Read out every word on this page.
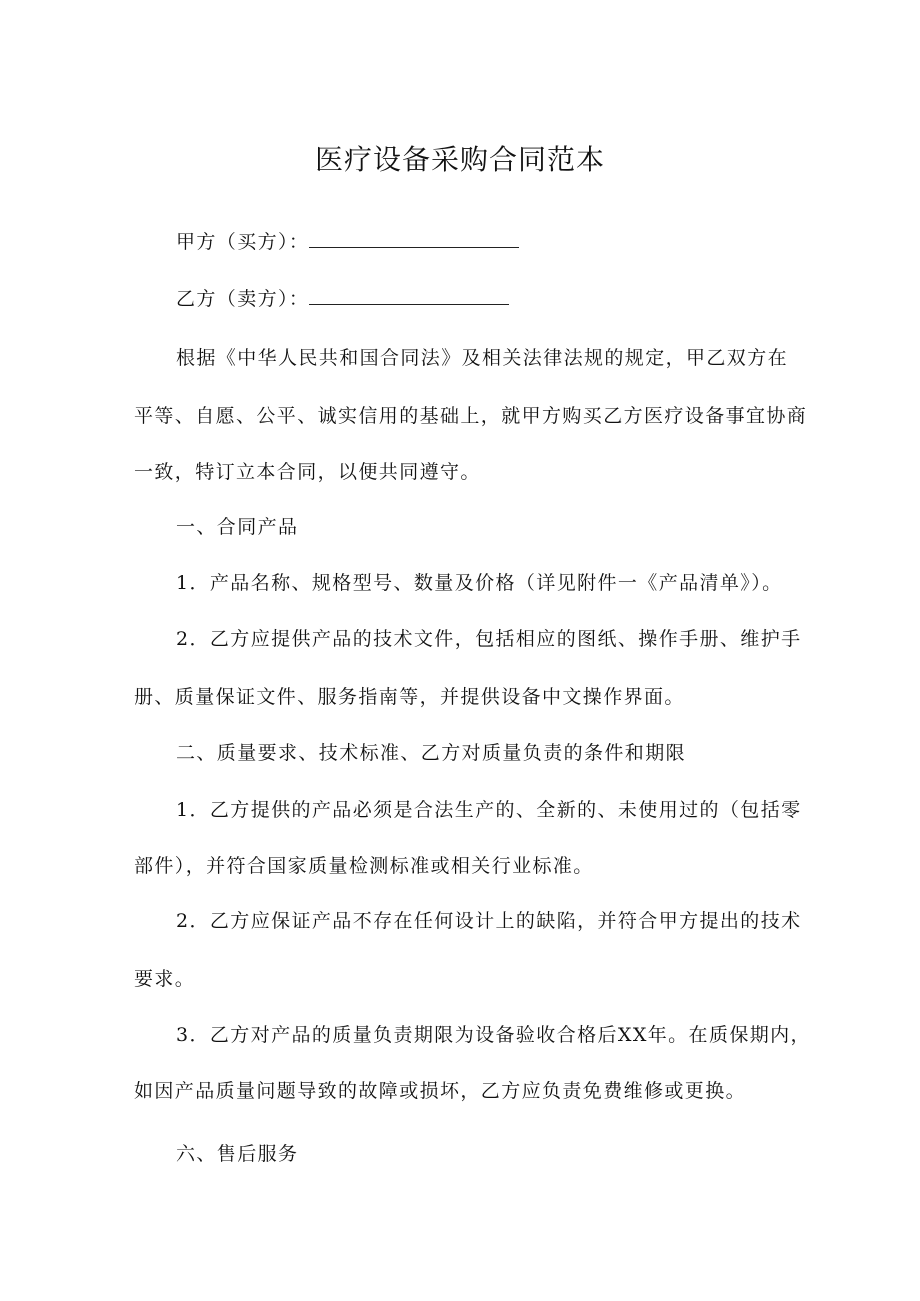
医疗设备采购合同范本
甲方（买方）：
乙方（卖方）：
根据《中华人民共和国合同法》及相关法律法规的规定，甲乙双方在
平等、自愿、公平、诚实信用的基础上，就甲方购买乙方医疗设备事宜协商
一致，特订立本合同，以便共同遵守。
一、合同产品
1．产品名称、规格型号、数量及价格（详见附件一《产品清单》）。
2．乙方应提供产品的技术文件，包括相应的图纸、操作手册、维护手
册、质量保证文件、服务指南等，并提供设备中文操作界面。
二、质量要求、技术标准、乙方对质量负责的条件和期限
1．乙方提供的产品必须是合法生产的、全新的、未使用过的（包括零
部件），并符合国家质量检测标准或相关行业标准。
2．乙方应保证产品不存在任何设计上的缺陷，并符合甲方提出的技术
要求。
3．乙方对产品的质量负责期限为设备验收合格后XX年。在质保期内，
如因产品质量问题导致的故障或损坏，乙方应负责免费维修或更换。
六、售后服务
